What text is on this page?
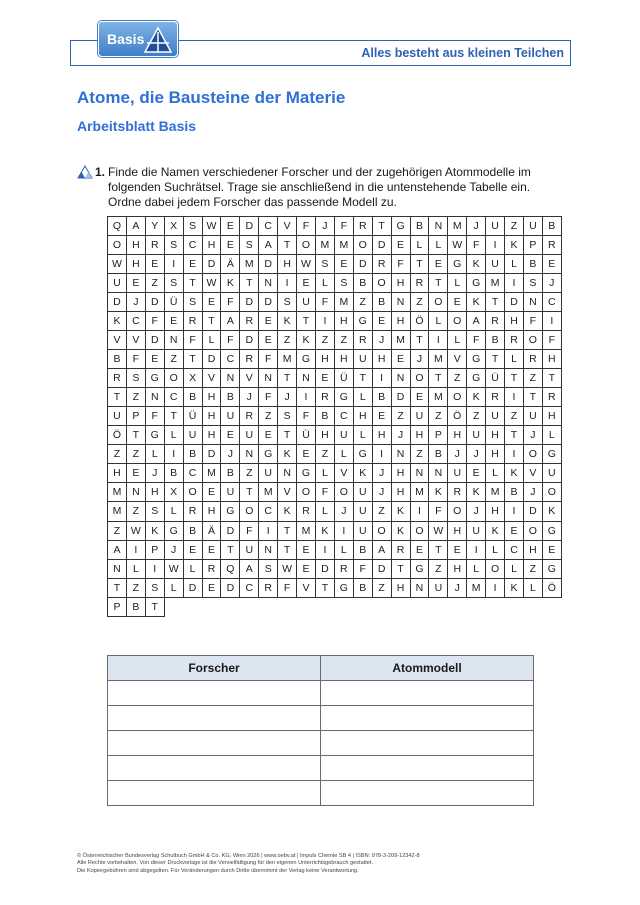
Basis
Alles besteht aus kleinen Teilchen
Atome, die Bausteine der Materie
Arbeitsblatt Basis
1. Finde die Namen verschiedener Forscher und der zugehörigen Atommodelle im folgenden Suchrätsel. Trage sie anschließend in die untenstehende Tabelle ein. Ordne dabei jedem Forscher das passende Modell zu.
Q	A	Y	X	S W E	D	C	V	F	J	F	R	T	G	B	N	M	J	U	Z	U	B
O	H	R	S	C	H	E	S	A	T	O M M O	D	E	L	L	W	F	I	K	P	R
W H	E	I	E	D	Ä	M	D	H W S	E	D	R	F	T	E	G	K	U	L	B	E
U	E	Z	S	T	W K	T	N	I	E	L	S	B	O	H	R	T	L	G M	I	S	J
D	J	D	Ü	S	E	F	D	D	S	U	F	M	Z	B	N	Z	O	E	K	T	D	N	C
K	C	F	E	R	T	A	R	E	K	T	I	H	G	E	H	Ö	L	O	A	R	H	F	I
V	V	D	N	F	L	F	D	E	Z	K	Z	Z	R	J	M	T	I	L	F	B	R	O	F
B	F	E	Z	T	D	C	R	F	M G	H	H	U	H	E	J	M	V	G	T	L	R	H
R	S	G	O	X	V	N	V	N	T	N	E	Ü	T	I	N	O	T	Z	G	Ü	T	Z	T
T	Z	N	C	B	H	B	J	F	J	I	R	G	L	B	D	E	M O	K	R	I	T	R
U	P	F	T	Ü	H	U	R	Z	S	F	B	C	H	E	Z	U	Z	Ö	Z	U	Z	U	H
Ö	T	G	L	U	H	E	U	E	T	Ü	H	U	L	H	J	H	P	H	U	H	T	J	L
Z	Z	L	I	B	D	J	N	G	K	E	Z	L	G	I	N	Z	B	J	J	H	I	O	G
H	E	J	B	C	M	B	Z	U	N	G	L	V	K	J	H	N	N	U	E	L	K	V	U
M	N	H	X	O	E	U	T	M	V	O	F	O	U	J	H	M	K	R	K	M	B	J	O
M	Z	S	L	R	H	G	O	C	K	R	L	J	U	Z	K	I	F	O	J	H	I	D	K
Z	W K	G	B	Ä	D	F	I	T	M	K	I	U	O	K	O W H	U	K	E	O	G
A	I	P	J	E	E	T	U	N	T	E	I	L	B	A	R	E	T	E	I	L	C	H	E
N	L	I	W	L	R	Q	A	S W E	D	R	F	D	T	G	Z	H	L	O	L	Z	G
T	Z	S	L	D	E	D	C	R	F	V	T	G	B	Z	H	N	U	J	M	I	K	L	Ö
P	B	T
Forscher	Atommodell

© Österreichischer Bundesverlag Schulbuch GmbH & Co. KG, Wien 2026 | www.oebv.at | Impuls Chemie SB 4 | ISBN: 978-3-209-12342-8
Alle Rechte vorbehalten. Von dieser Druckvorlage ist die Vervielfältigung für den eigenen Unterrichtsgebrauch gestattet.
Die Kopiergebühren sind abgegolten. Für Veränderungen durch Dritte übernimmt der Verlag keine Verantwortung.
